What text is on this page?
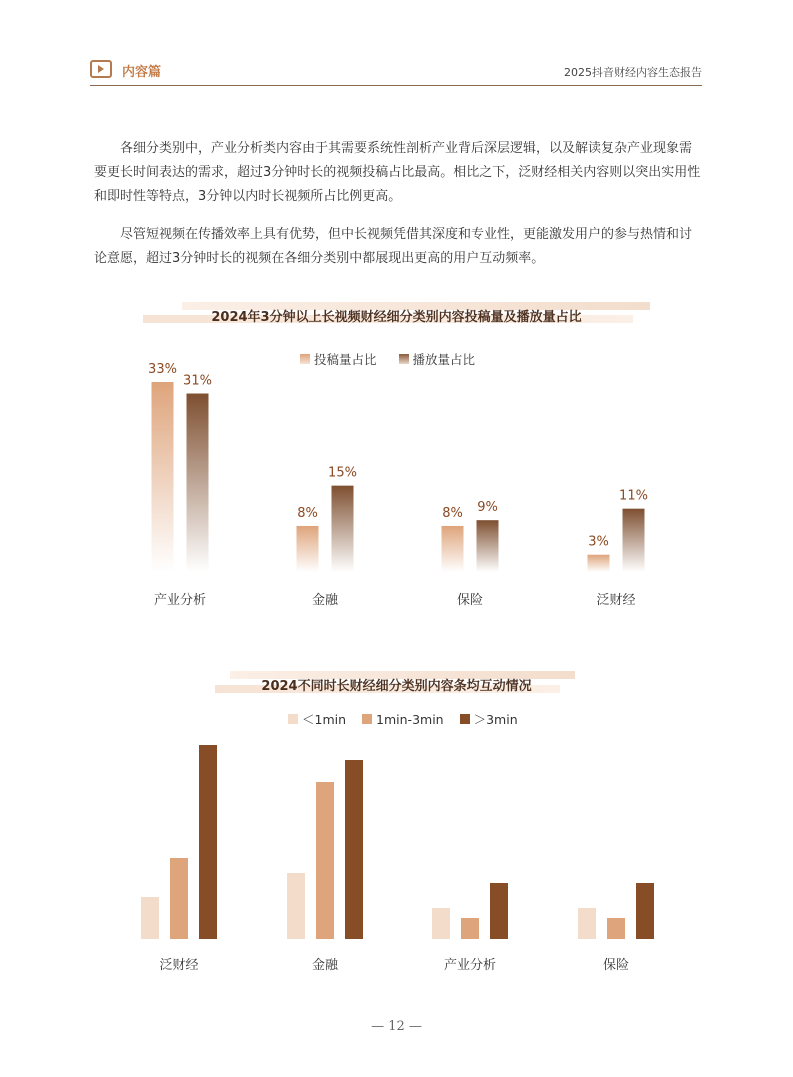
内容篇	2025抖音财经内容生态报告

各细分类别中，产业分析类内容由于其需要系统性剖析产业背后深层逻辑，以及解读复杂产业现象需要更长时间表达的需求，超过3分钟时长的视频投稿占比最高。相比之下，泛财经相关内容则以突出实用性和即时性等特点，3分钟以内时长视频所占比例更高。

尽管短视频在传播效率上具有优势，但中长视频凭借其深度和专业性，更能激发用户的参与热情和讨论意愿，超过3分钟时长的视频在各细分类别中都展现出更高的用户互动频率。

2024年3分钟以上长视频财经细分类别内容投稿量及播放量占比
投稿量占比	播放量占比
33%
31%
产业分析
8%
15%
金融
8% 9%
保险
3%
11%
泛财经
2024不同时长财经细分类别内容条均互动情况
＜1min 1min-3min ＞3min
泛财经	金融	产业分析	保险
— 12 —
